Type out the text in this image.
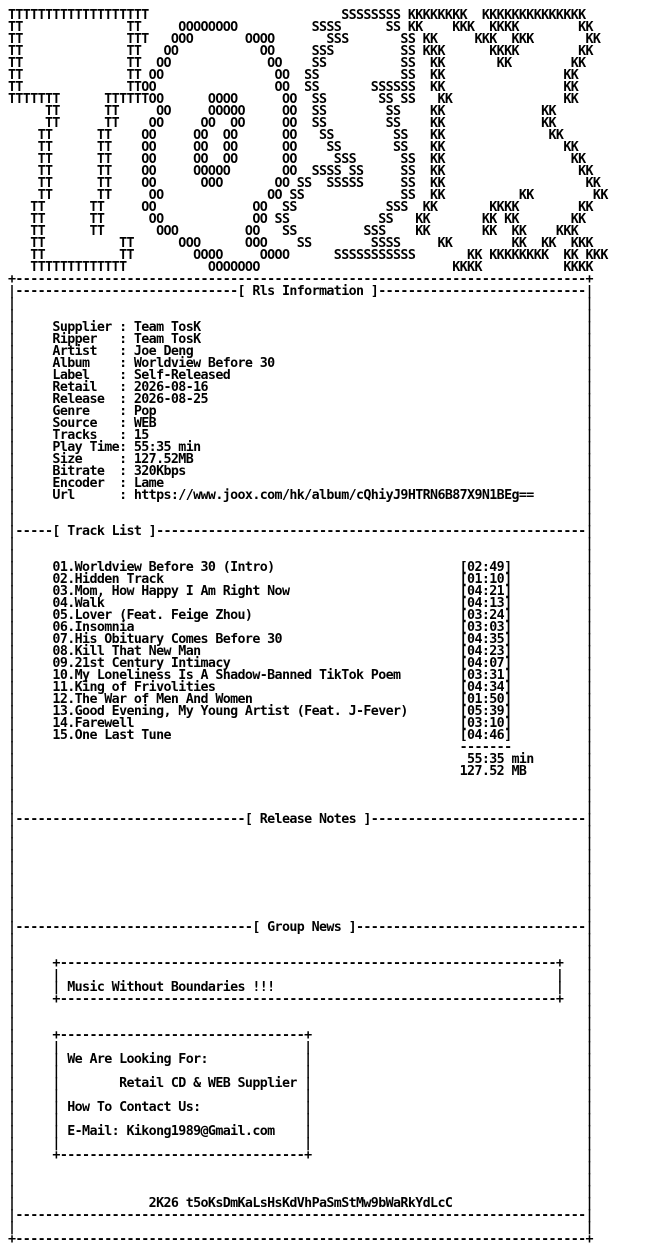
TTTTTTTTTTTTTTTTTTT                          SSSSSSSS KKKKKKKK  KKKKKKKKKKKKKK
TT              TT     OOOOOOOO          SSSS      SS KK    KKK  KKKK        KK
TT              TTT   OOO       OOOO       SSS       SS KK     KKK  KKK       KK
TT              TT   OO           OO     SSS         SS KKK      KKKK        KK
TT              TT  OO             OO    SS          SS  KK       KK        KK
TT              TT OO               OO  SS           SS  KK                KK
TT              TTOO                OO  SS       SSSSSS  KK                KK
TTTTTTT      TTTTTTOO      OOOO      OO  SS       SS SS   KK               KK
TT      TT     OO     OOOOO     OO  SS        SS    KK             KK
TT      TT    OO     OO  OO     OO  SS        SS    KK             KK
TT      TT    OO     OO  OO      OO   SS        SS   KK              KK
TT      TT    OO     OO  OO      OO    SS       SS   KK                KK
TT      TT    OO     OO  OO      OO     SSS      SS  KK                 KK
TT      TT    OO     OOOOO       OO  SSSS SS     SS  KK                  KK
TT      TT    OO      OOO       OO SS  SSSSS     SS  KK                   KK
TT      TT     OO              OO SS             SS  KK          KK        KK
TT      TT     OO             OO  SS            SSS  KK       KKKK        KK
TT      TT      OO            OO SS            SS   KK       KK KK       KK
TT      TT       OOO         OO   SS         SSS    KK       KK  KK    KKK
TT          TT      OOO      OOO    SS        SSSS     KK        KK  KK  KKK
TT          TT        OOOO     OOOO      SSSSSSSSSSS       KK KKKKKKKK  KK KKK
TTTTTTTTTTTTT           OOOOOOO                          KKKK           KKKK
+-----------------------------------------------------------------------------+
|------------------------------[ Rls Information ]----------------------------|
|                                                                             |
|                                                                             |
|     Supplier : Team TosK                                                    |
|     Ripper   : Team TosK                                                    |
|     Artist   : Joe Deng                                                     |
|     Album    : Worldview Before 30                                          |
|     Label    : Self-Released                                                |
|     Retail   : 2026-08-16                                                   |
|     Release  : 2026-08-25                                                   |
|     Genre    : Pop                                                          |
|     Source   : WEB                                                          |
|     Tracks   : 15                                                           |
|     Play Time: 55:35 min                                                    |
|     Size     : 127.52MB                                                     |
|     Bitrate  : 320Kbps                                                      |
|     Encoder  : Lame                                                         |
|     Url      : https://www.joox.com/hk/album/cQhiyJ9HTRN6B87X9N1BEg==       |
|                                                                             |
|                                                                             |
|-----[ Track List ]----------------------------------------------------------|
|                                                                             |
|                                                                             |
|     01.Worldview Before 30 (Intro)                         [02:49]          |
|     02.Hidden Track                                        [01:10]          |
|     03.Mom, How Happy I Am Right Now                       [04:21]          |
|     04.Walk                                                [04:13]          |
|     05.Lover (Feat. Feige Zhou)                            [03:24]          |
|     06.Insomnia                                            [03:03]          |
|     07.His Obituary Comes Before 30                        [04:35]          |
|     08.Kill That New Man                                   [04:23]          |
|     09.21st Century Intimacy                               [04:07]          |
|     10.My Loneliness Is A Shadow-Banned TikTok Poem        [03:31]          |
|     11.King of Frivolities                                 [04:34]          |
|     12.The War of Men And Women                            [01:50]          |
|     13.Good Evening, My Young Artist (Feat. J-Fever)       [05:39]          |
|     14.Farewell                                            [03:10]          |
|     15.One Last Tune                                       [04:46]          |
|                                                            -------          |
|                                                             55:35 min       |
|                                                            127.52 MB        |
|                                                                             |
|                                                                             |
|                                                                             |
|-------------------------------[ Release Notes ]-----------------------------|
|                                                                             |
|                                                                             |
|                                                                             |
|                                                                             |
|                                                                             |
|                                                                             |
|                                                                             |
|                                                                             |
|--------------------------------[ Group News ]-------------------------------|
|                                                                             |
|                                                                             |
|     +-------------------------------------------------------------------+   |
|     |                                                                   |   |
|     | Music Without Boundaries !!!                                      |   |
|     +-------------------------------------------------------------------+   |
|                                                                             |
|                                                                             |
|     +---------------------------------+                                     |
|     |                                 |                                     |
|     | We Are Looking For:             |                                     |
|     |                                 |                                     |
|     |        Retail CD & WEB Supplier |                                     |
|     |                                 |                                     |
|     | How To Contact Us:              |                                     |
|     |                                 |                                     |
|     | E-Mail: Kikong1989@Gmail.com    |                                     |
|     |                                 |                                     |
|     +---------------------------------+                                     |
|                                                                             |
|                                                                             |
|                                                                             |
|                  2K26 t5oKsDmKaLsHsKdVhPaSmStMw9bWaRkYdLcC                  |
|-----------------------------------------------------------------------------|
|                                                                             |
+-----------------------------------------------------------------------------+
